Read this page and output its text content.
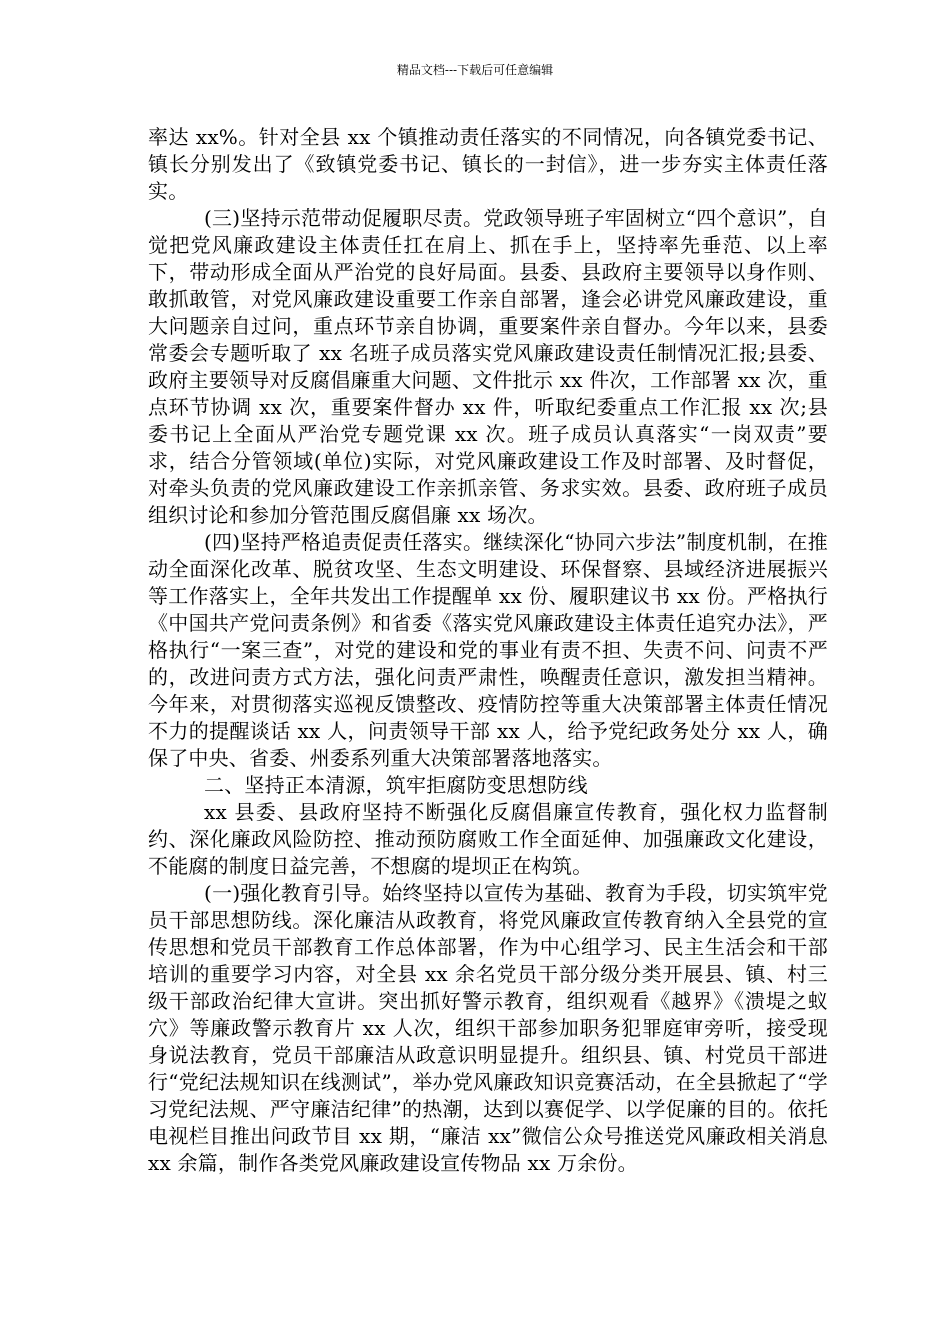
精品文档---下载后可任意编辑

率达 xx%。针对全县 xx 个镇推动责任落实的不同情况，向各镇党委书记、镇长分别发出了《致镇党委书记、镇长的一封信》，进一步夯实主体责任落实。

(三)坚持示范带动促履职尽责。党政领导班子牢固树立“四个意识”，自觉把党风廉政建设主体责任扛在肩上、抓在手上，坚持率先垂范、以上率下，带动形成全面从严治党的良好局面。县委、县政府主要领导以身作则、敢抓敢管，对党风廉政建设重要工作亲自部署，逢会必讲党风廉政建设，重大问题亲自过问，重点环节亲自协调，重要案件亲自督办。今年以来，县委常委会专题听取了 xx 名班子成员落实党风廉政建设责任制情况汇报;县委、政府主要领导对反腐倡廉重大问题、文件批示 xx 件次，工作部署 xx 次，重点环节协调 xx 次，重要案件督办 xx 件，听取纪委重点工作汇报 xx 次;县委书记上全面从严治党专题党课 xx 次。班子成员认真落实“一岗双责”要求，结合分管领域(单位)实际，对党风廉政建设工作及时部署、及时督促，对牵头负责的党风廉政建设工作亲抓亲管、务求实效。县委、政府班子成员组织讨论和参加分管范围反腐倡廉 xx 场次。

(四)坚持严格追责促责任落实。继续深化“协同六步法”制度机制，在推动全面深化改革、脱贫攻坚、生态文明建设、环保督察、县域经济进展振兴等工作落实上，全年共发出工作提醒单 xx 份、履职建议书 xx 份。严格执行《中国共产党问责条例》和省委《落实党风廉政建设主体责任追究办法》，严格执行“一案三查”，对党的建设和党的事业有责不担、失责不问、问责不严的，改进问责方式方法，强化问责严肃性，唤醒责任意识，激发担当精神。今年来，对贯彻落实巡视反馈整改、疫情防控等重大决策部署主体责任情况不力的提醒谈话 xx 人，问责领导干部 xx 人，给予党纪政务处分 xx 人，确保了中央、省委、州委系列重大决策部署落地落实。

二、坚持正本清源，筑牢拒腐防变思想防线

xx 县委、县政府坚持不断强化反腐倡廉宣传教育，强化权力监督制约、深化廉政风险防控、推动预防腐败工作全面延伸、加强廉政文化建设，不能腐的制度日益完善，不想腐的堤坝正在构筑。

(一)强化教育引导。始终坚持以宣传为基础、教育为手段，切实筑牢党员干部思想防线。深化廉洁从政教育，将党风廉政宣传教育纳入全县党的宣传思想和党员干部教育工作总体部署，作为中心组学习、民主生活会和干部培训的重要学习内容，对全县 xx 余名党员干部分级分类开展县、镇、村三级干部政治纪律大宣讲。突出抓好警示教育，组织观看《越界》《溃堤之蚁穴》等廉政警示教育片 xx 人次，组织干部参加职务犯罪庭审旁听，接受现身说法教育，党员干部廉洁从政意识明显提升。组织县、镇、村党员干部进行“党纪法规知识在线测试”，举办党风廉政知识竞赛活动，在全县掀起了“学习党纪法规、严守廉洁纪律”的热潮，达到以赛促学、以学促廉的目的。依托电视栏目推出问政节目 xx 期，“廉洁 xx”微信公众号推送党风廉政相关消息 xx 余篇，制作各类党风廉政建设宣传物品 xx 万余份。
